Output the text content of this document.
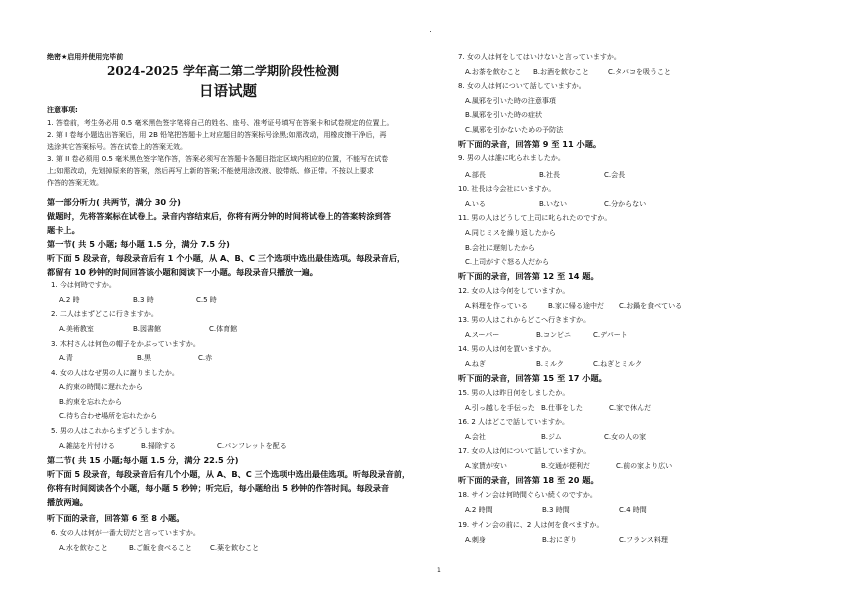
绝密★启用并使用完毕前
2024-2025 学年高二第二学期阶段性检测
日语试题
注意事项:
1. 答卷前，考生务必用 0.5 毫米黑色签字笔将自己的姓名、座号、准考证号填写在答案卡和试卷规定的位置上。
2. 第 I 卷每小题选出答案后，用 2B 铅笔把答题卡上对应题目的答案标号涂黑;如需改动，用橡皮擦干净后，再
选涂其它答案标号。答在试卷上的答案无效。
3. 第 II 卷必须用 0.5 毫米黑色签字笔作答，答案必须写在答题卡各题目指定区域内相应的位置，不能写在试卷
上;如需改动，先划掉原来的答案，然后再写上新的答案;不能使用涂改液、胶带纸、修正带。不按以上要求
作答的答案无效。
第一部分听力( 共两节，满分 30 分)
做题时，先将答案标在试卷上。录音内容结束后，你将有两分钟的时间将试卷上的答案转涂到答
题卡上。
第一节( 共 5 小题; 每小题 1.5 分，满分 7.5 分)
听下面 5 段录音，每段录音后有 1 个小题，从 A、B、C 三个选项中选出最佳选项。每段录音后，
都留有 10 秒钟的时间回答该小题和阅读下一小题。每段录音只播放一遍。
1. 今は何時ですか。
A.2 時	B.3 時	C.5 時
2. 二人はまずどこに行きますか。
A.美術教室	B.図書館	C.体育館
3. 木村さんは何色の帽子をかぶっていますか。
A.青	B.黒	C.赤
4. 女の人はなぜ男の人に謝りましたか。
A.約束の時間に遅れたから
B.約束を忘れたから
C.待ち合わせ場所を忘れたから
5. 男の人はこれからまずどうしますか。
A.雑誌を片付ける	B.掃除する	C.パンフレットを配る
第二节( 共 15 小题;每小题 1.5 分，满分 22.5 分)
听下面 5 段录音，每段录音后有几个小题，从 A、B、C 三个选项中选出最佳选项。听每段录音前，
你将有时间阅读各个小题，每小题 5 秒钟；听完后，每小题给出 5 秒钟的作答时间。每段录音
播放两遍。
听下面的录音，回答第 6 至 8 小题。
6. 女の人は何が一番大切だと言っていますか。
A.水を飲むこと	B.ご飯を食べること	C.薬を飲むこと
7. 女の人は何をしてはいけないと言っていますか。
A.お茶を飲むこと B.お酒を飲むこと	C.タバコを吸うこと
8. 女の人は何について話していますか。
A.風邪を引いた時の注意事項
B.風邪を引いた時の症状
C.風邪を引かないための予防法
听下面的录音，回答第 9 至 11 小题。
9. 男の人は誰に叱られましたか。
A.部長	B.社長	C.会長
10. 社長は今会社にいますか。
A.いる	B.いない	C.分からない
11. 男の人はどうして上司に叱られたのですか。
A.同じミスを繰り返したから
B.会社に遅刻したから
C.上司がすぐ怒る人だから
听下面的录音，回答第 12 至 14 题。
12. 女の人は今何をしていますか。
A.料理を作っている	B.家に帰る途中だ C.お鍋を食べている
13. 男の人はこれからどこへ行きますか。
A.スーパー	B.コンビニ	C.デパート
14. 男の人は何を買いますか。
A.ねぎ	B.ミルク	C.ねぎとミルク
听下面的录音，回答第 15 至 17 小题。
15. 男の人は昨日何をしましたか。
A.引っ越しを手伝った B.仕事をした	C.家で休んだ
16. 2 人はどこで話していますか。
A.会社	B.ジム	C.女の人の家
17. 女の人は何について話していますか。
A.家賃が安い	B.交通が便利だ	C.前の家より広い
听下面的录音，回答第 18 至 20 题。
18. サイン会は何時間ぐらい続くのですか。
A.2 時間	B.3 時間	C.4 時間
19. サイン会の前に、2 人は何を食べますか。
A.刺身	B.おにぎり	C.フランス料理
1
